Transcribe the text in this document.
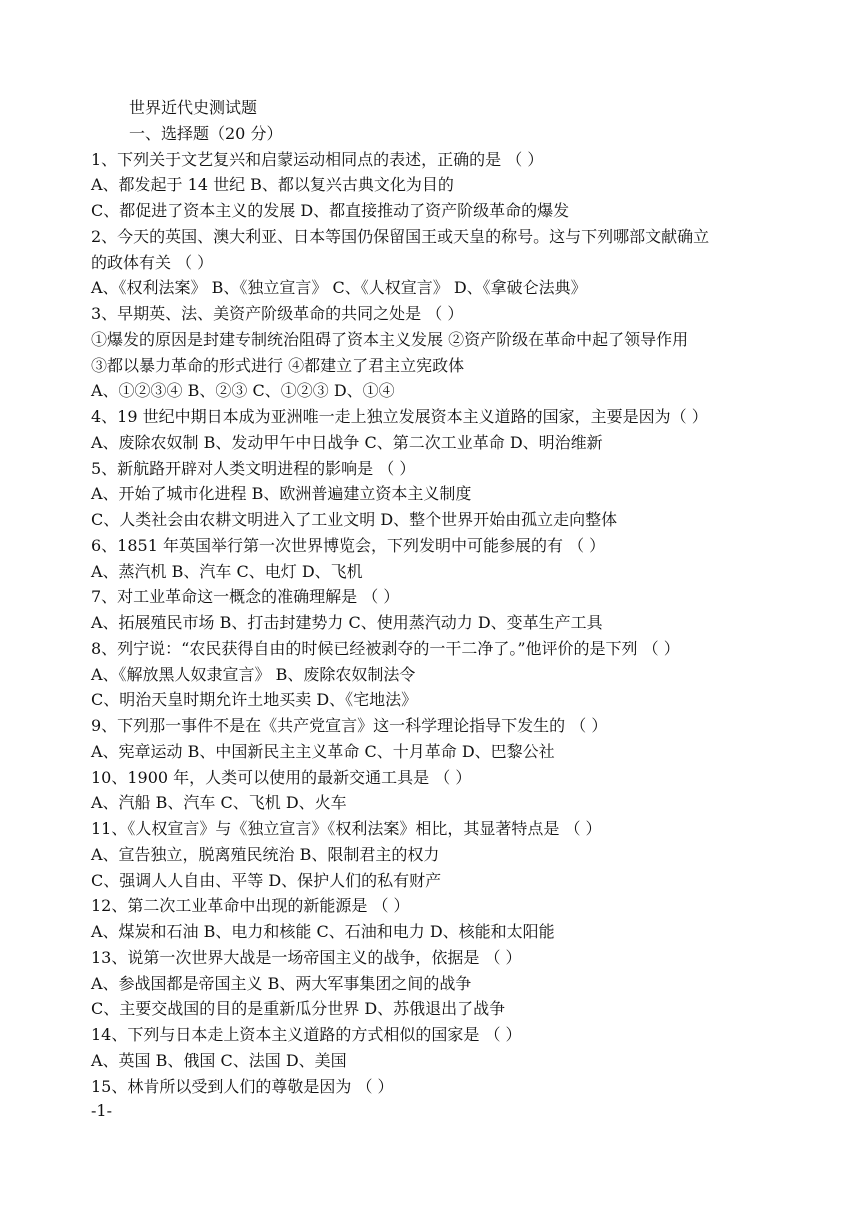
世界近代史测试题
一、选择题（20 分）
1、下列关于文艺复兴和启蒙运动相同点的表述，正确的是 （ ）
A、都发起于 14 世纪 B、都以复兴古典文化为目的
C、都促进了资本主义的发展 D、都直接推动了资产阶级革命的爆发
2、今天的英国、澳大利亚、日本等国仍保留国王或天皇的称号。这与下列哪部文献确立
的政体有关 （ ）
A、《权利法案》 B、《独立宣言》 C、《人权宣言》 D、《拿破仑法典》
3、早期英、法、美资产阶级革命的共同之处是 （ ）
①爆发的原因是封建专制统治阻碍了资本主义发展 ②资产阶级在革命中起了领导作用
③都以暴力革命的形式进行 ④都建立了君主立宪政体
A、①②③④ B、②③ C、①②③ D、①④
4、19 世纪中期日本成为亚洲唯一走上独立发展资本主义道路的国家，主要是因为（ ）
A、废除农奴制 B、发动甲午中日战争 C、第二次工业革命 D、明治维新
5、新航路开辟对人类文明进程的影响是 （ ）
A、开始了城市化进程 B、欧洲普遍建立资本主义制度
C、人类社会由农耕文明进入了工业文明 D、整个世界开始由孤立走向整体
6、1851 年英国举行第一次世界博览会，下列发明中可能参展的有 （ ）
A、蒸汽机 B、汽车 C、电灯 D、飞机
7、对工业革命这一概念的准确理解是 （ ）
A、拓展殖民市场 B、打击封建势力 C、使用蒸汽动力 D、变革生产工具
8、列宁说：“农民获得自由的时候已经被剥夺的一干二净了。”他评价的是下列 （ ）
A、《解放黑人奴隶宣言》 B、废除农奴制法令
C、明治天皇时期允许土地买卖 D、《宅地法》
9、下列那一事件不是在《共产党宣言》这一科学理论指导下发生的 （ ）
A、宪章运动 B、中国新民主主义革命 C、十月革命 D、巴黎公社
10、1900 年，人类可以使用的最新交通工具是 （ ）
A、汽船 B、汽车 C、飞机 D、火车
11、《人权宣言》与《独立宣言》《权利法案》相比，其显著特点是 （ ）
A、宣告独立，脱离殖民统治 B、限制君主的权力
C、强调人人自由、平等 D、保护人们的私有财产
12、第二次工业革命中出现的新能源是 （ ）
A、煤炭和石油 B、电力和核能 C、石油和电力 D、核能和太阳能
13、说第一次世界大战是一场帝国主义的战争，依据是 （ ）
A、参战国都是帝国主义 B、两大军事集团之间的战争
C、主要交战国的目的是重新瓜分世界 D、苏俄退出了战争
14、下列与日本走上资本主义道路的方式相似的国家是 （ ）
A、英国 B、俄国 C、法国 D、美国
15、林肯所以受到人们的尊敬是因为 （ ）
-1-
